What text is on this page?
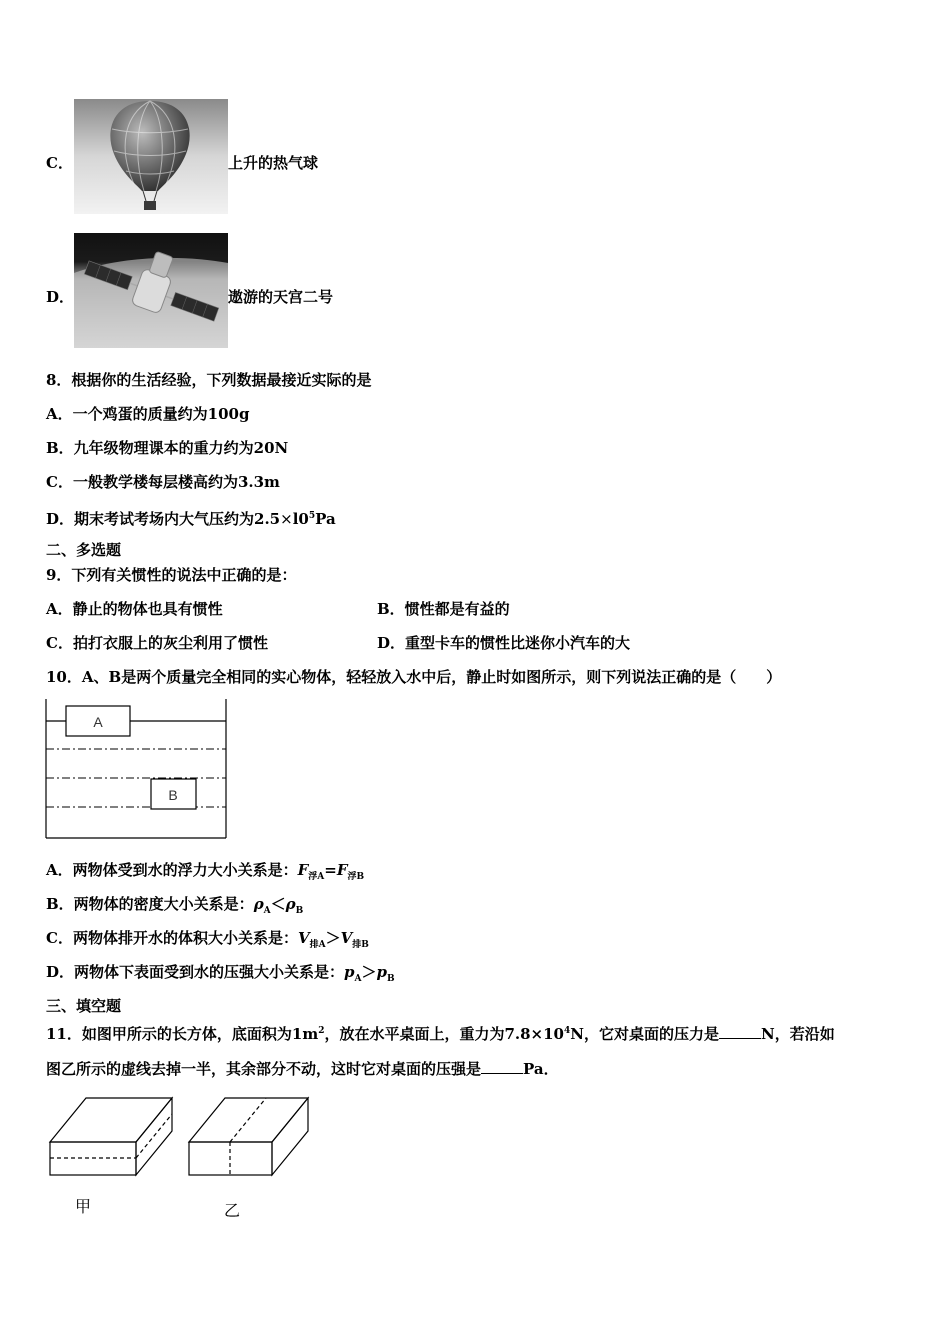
C．	上升的热气球
D．	遨游的天宫二号
8．根据你的生活经验，下列数据最接近实际的是
A．一个鸡蛋的质量约为100g
B．九年级物理课本的重力约为20N
C．一般教学楼每层楼高约为3.3m
D．期末考试考场内大气压约为$2.5\times l0^5Pa$
二、多选题
9．下列有关惯性的说法中正确的是：
A．静止的物体也具有惯性	B．惯性都是有益的
C．拍打衣服上的灰尘利用了惯性	D．重型卡车的惯性比迷你小汽车的大
10．A、B是两个质量完全相同的实心物体，轻轻放入水中后，静止时如图所示，则下列说法正确的是（　　）
A
B
A．两物体受到水的浮力大小关系是：$F_{浮A}=F_{浮B}$
B．两物体的密度大小关系是：$\rho_A<\rho_B$
C．两物体排开水的体积大小关系是：$V_{排A}>V_{排B}$
D．两物体下表面受到水的压强大小关系是：$p_A>p_B$
三、填空题
11．如图甲所示的长方体，底面积为$1m^2$，放在水平桌面上，重力为$7.8\times 10^4N$，它对桌面的压力是	N，若沿如
图乙所示的虚线去掉一半，其余部分不动，这时它对桌面的压强是	Pa．
甲	乙
